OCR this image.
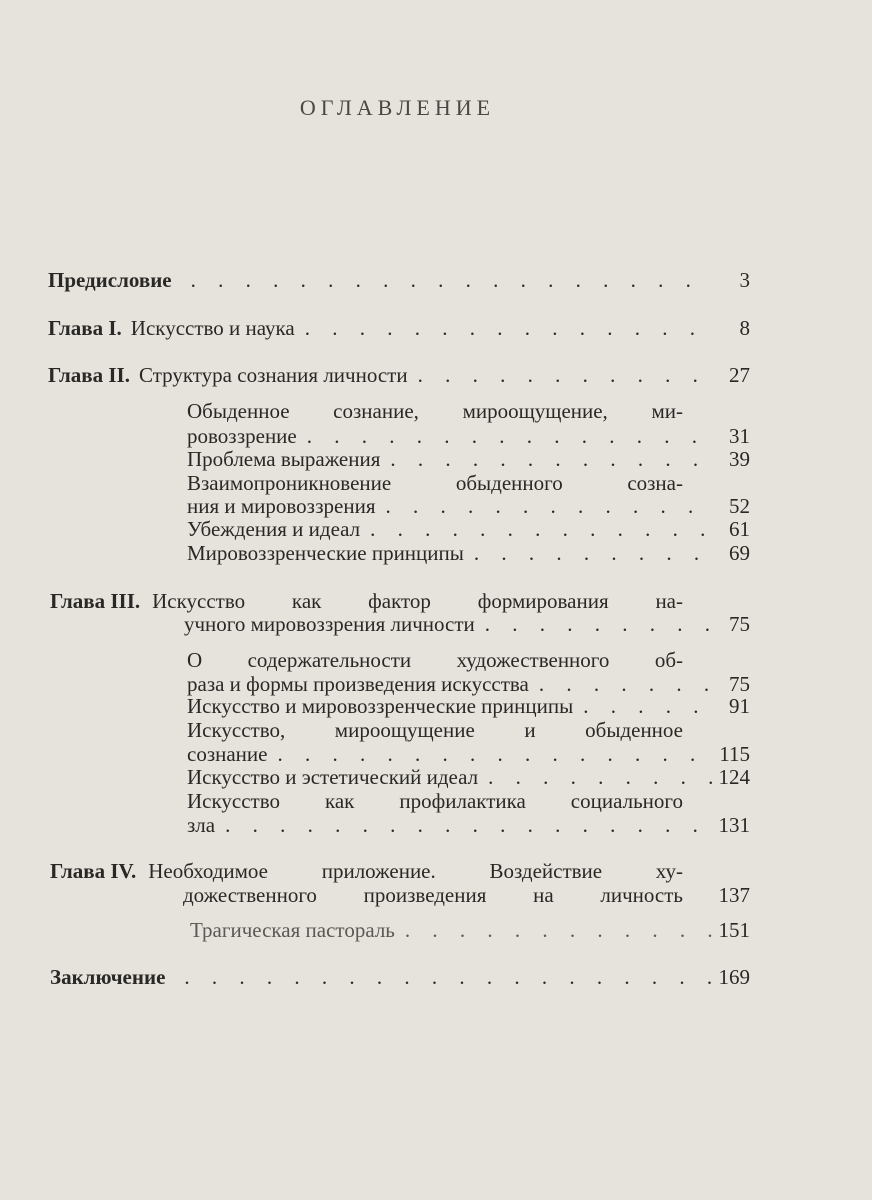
ОГЛАВЛЕНИЕ
Предисловие . . .	3
Глава I. Искусство и наука . . .	8
Глава II. Структура сознания личности . . .	27
Обыденное сознание, мироощущение, ми-
ровоззрение . . .	31
Проблема выражения . . .	39
Взаимопроникновение обыденного созна-
ния и мировоззрения . . .	52
Убеждения и идеал . . .	61
Мировоззренческие принципы . . .	69
Глава III. Искусство как фактор формирования на-
учного мировоззрения личности . . .	75
О содержательности художественного об-
раза и формы произведения искусства . . .	75
Искусство и мировоззренческие принципы . . .	91
Искусство, мироощущение и обыденное
сознание . . .	115
Искусство и эстетический идеал . . .	124
Искусство как профилактика социального
зла . . .	131
Глава IV. Необходимое приложение. Воздействие ху-
дожественного произведения на личность 137
Трагическая пастораль . . .	151
Заключение . . .	169
